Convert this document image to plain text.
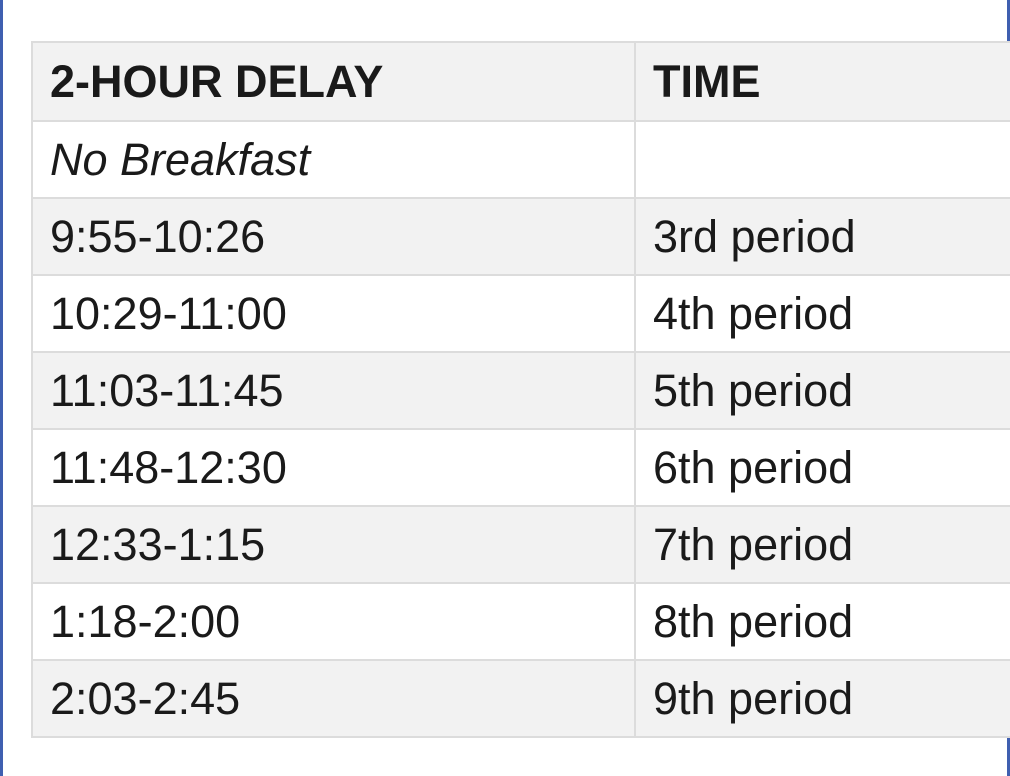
2-HOUR DELAY	TIME
No Breakfast	
9:55-10:26	3rd period
10:29-11:00	4th period
11:03-11:45	5th period
11:48-12:30	6th period
12:33-1:15	7th period
1:18-2:00	8th period
2:03-2:45	9th period
